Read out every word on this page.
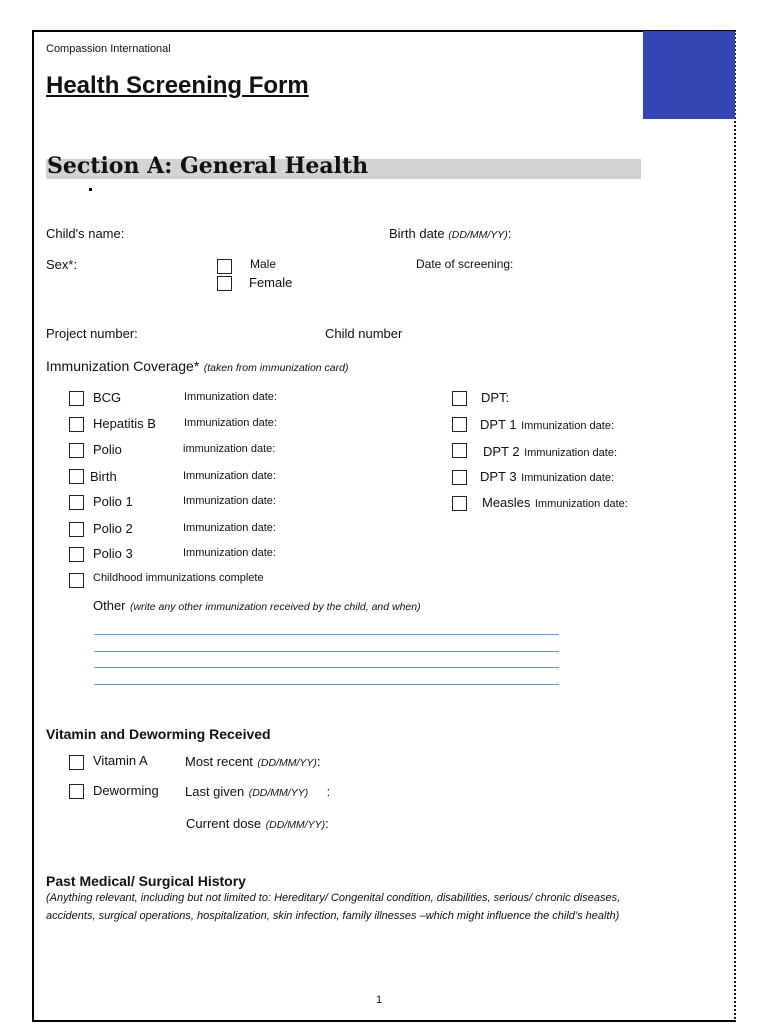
Compassion International
Health Screening Form
Section A: General Health
Child's name:	Birth date (DD/MM/YY):
Sex*:	Male
Female
Date of screening:
Project number:	Child number
Immunization Coverage* (taken from immunization card)
BCG	Immunization date:
Hepatitis B	Immunization date:
Polio	immunization date:
Birth	Immunization date:
Polio 1	Immunization date:
Polio 2	Immunization date:
Polio 3	Immunization date:
Childhood immunizations complete
Other (write any other immunization received by the child, and when)
DPT:
DPT 1 Immunization date:
DPT 2 Immunization date:
DPT 3 Immunization date:
Measles Immunization date:
Vitamin and Deworming Received
Vitamin A	Most recent (DD/MM/YY):
Deworming Last given (DD/MM/YY) :
Current dose (DD/MM/YY):
Past Medical/ Surgical History
(Anything relevant, including but not limited to: Hereditary/ Congenital condition, disabilities, serious/ chronic diseases,
accidents, surgical operations, hospitalization, skin infection, family illnesses –which might influence the child’s health)
1
